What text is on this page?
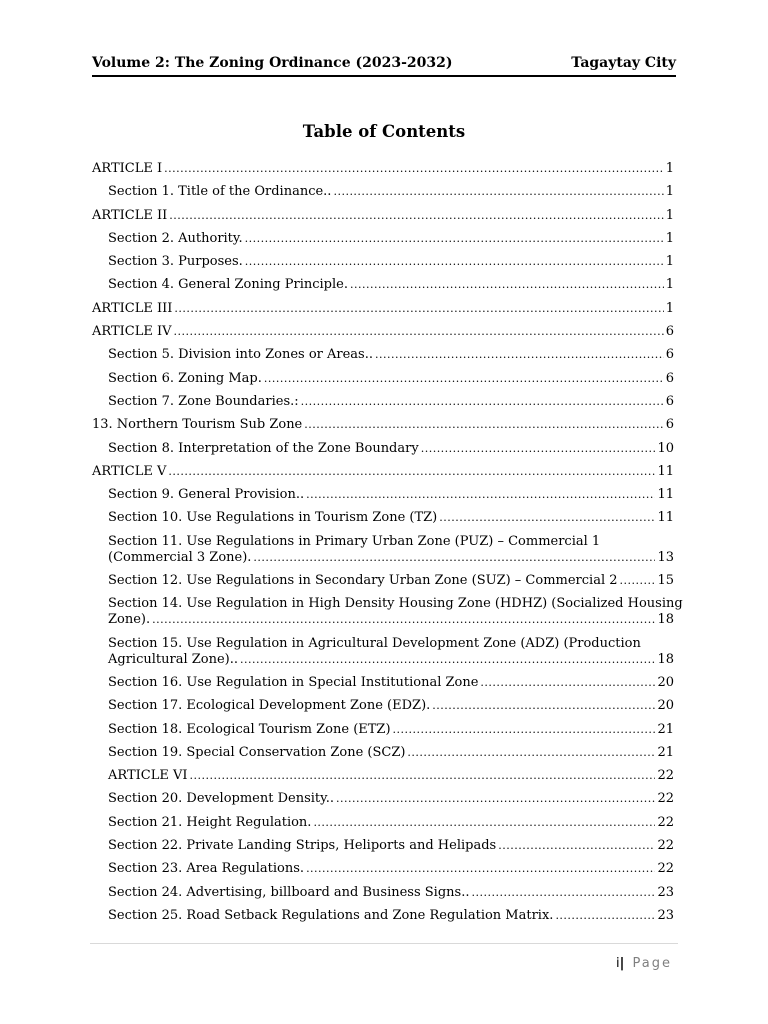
Volume 2: The Zoning Ordinance (2023-2032)	Tagaytay City
Table of Contents
ARTICLE I .....	1
Section 1. Title of the Ordinance.. .....	1
ARTICLE II .....	1
Section 2. Authority. .....	1
Section 3. Purposes. .....	1
Section 4. General Zoning Principle. .....	1
ARTICLE III .....	1
ARTICLE IV .....	6
Section 5. Division into Zones or Areas.. .....	6
Section 6. Zoning Map. .....	6
Section 7. Zone Boundaries.: .....	6
13. Northern Tourism Sub Zone .....	6
Section 8. Interpretation of the Zone Boundary .....	10
ARTICLE V .....	11
Section 9. General Provision.. .....	11
Section 10. Use Regulations in Tourism Zone (TZ) .....	11
Section 11. Use Regulations in Primary Urban Zone (PUZ) – Commercial 1
(Commercial 3 Zone). .....	13
Section 12. Use Regulations in Secondary Urban Zone (SUZ) – Commercial 2 .....	15
Section 14. Use Regulation in High Density Housing Zone (HDHZ) (Socialized Housing
Zone). .....	18
Section 15. Use Regulation in Agricultural Development Zone (ADZ) (Production
Agricultural Zone).. .....	18
Section 16. Use Regulation in Special Institutional Zone .....	20
Section 17. Ecological Development Zone (EDZ). .....	20
Section 18. Ecological Tourism Zone (ETZ) .....	21
Section 19. Special Conservation Zone (SCZ) .....	21
ARTICLE VI .....	22
Section 20. Development Density.. .....	22
Section 21. Height Regulation. .....	22
Section 22. Private Landing Strips, Heliports and Helipads .....	22
Section 23. Area Regulations. .....	22
Section 24. Advertising, billboard and Business Signs.. .....	23
Section 25. Road Setback Regulations and Zone Regulation Matrix. .....	23
i| Page
